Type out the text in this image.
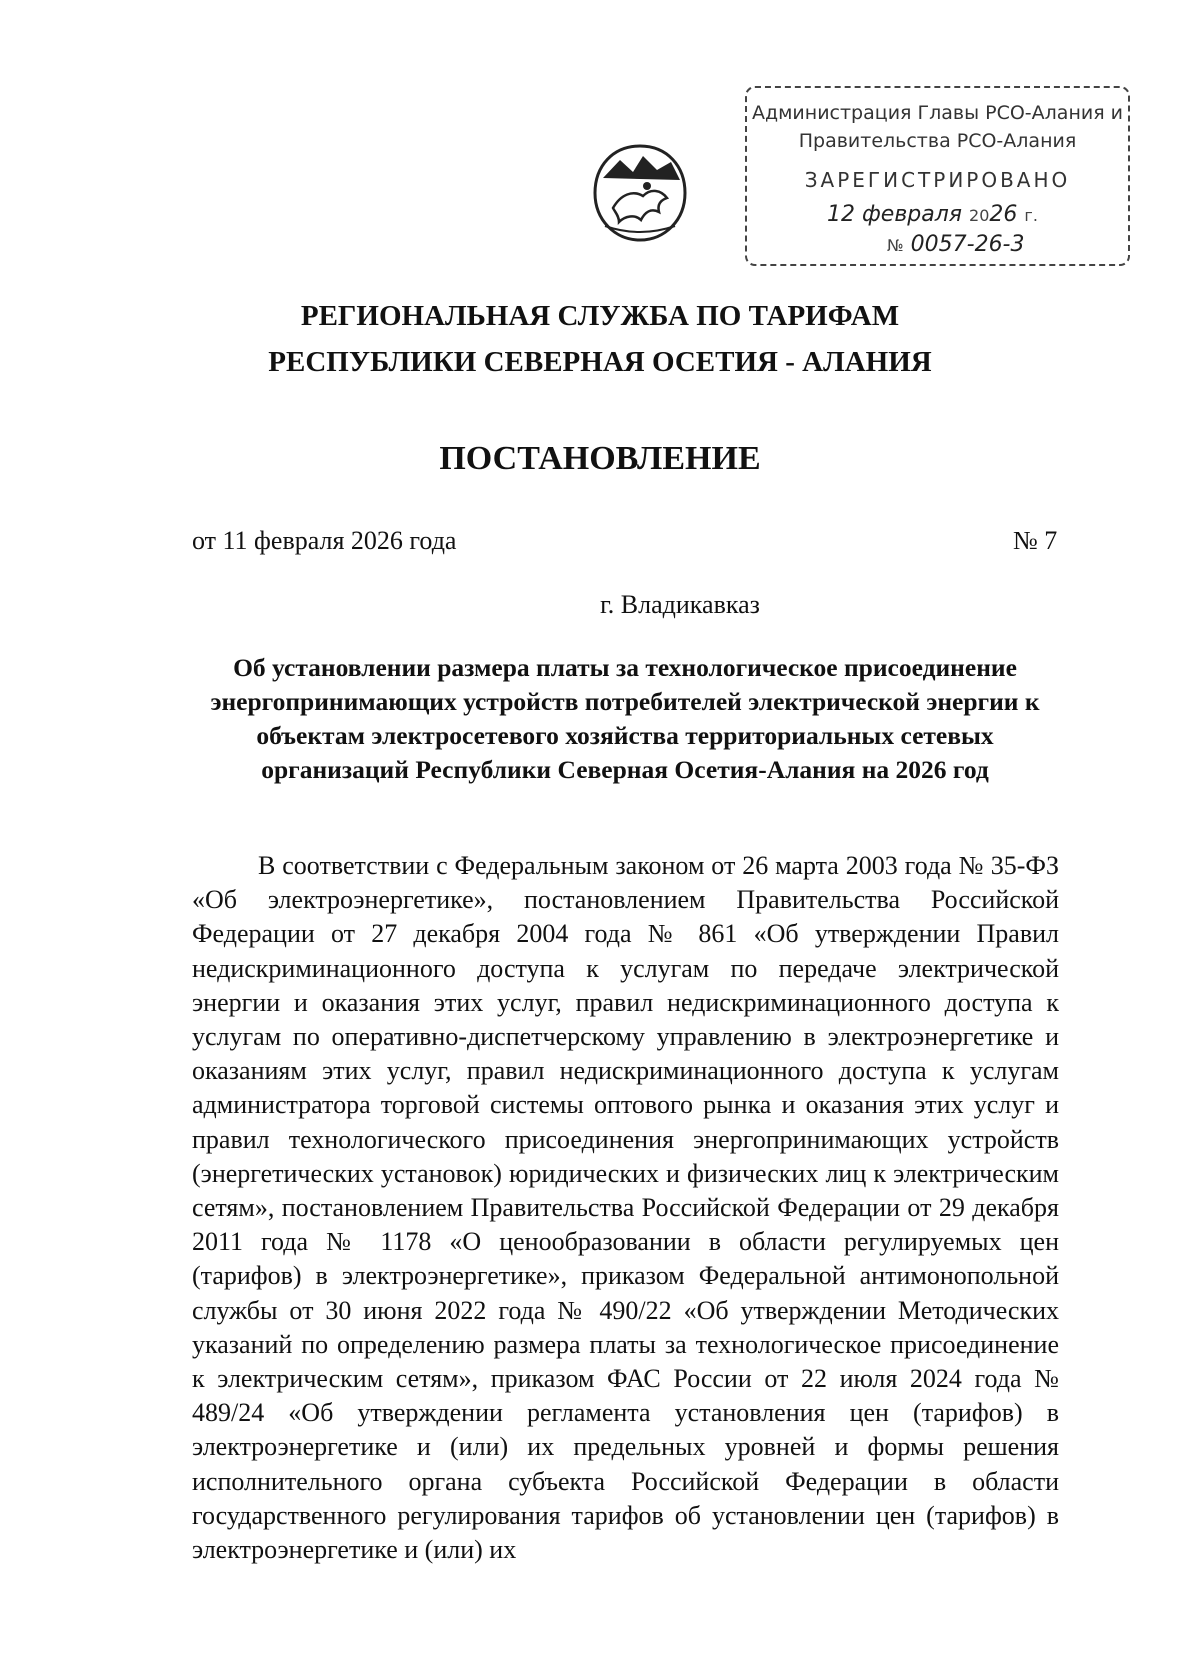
Администрация Главы РСО-Алания и
Правительства РСО-Алания
ЗАРЕГИСТРИРОВАНО
12 февраля 2026 г.
№ 0057-26-3
РЕГИОНАЛЬНАЯ СЛУЖБА ПО ТАРИФАМ
РЕСПУБЛИКИ СЕВЕРНАЯ ОСЕТИЯ - АЛАНИЯ
ПОСТАНОВЛЕНИЕ
от 11 февраля 2026 года	№ 7
г. Владикавказ
Об установлении размера платы за технологическое присоединение энергопринимающих устройств потребителей электрической энергии к объектам электросетевого хозяйства территориальных сетевых организаций Республики Северная Осетия-Алания на 2026 год
В соответствии с Федеральным законом от 26 марта 2003 года № 35-ФЗ «Об электроэнергетике», постановлением Правительства Российской Федерации от 27 декабря 2004 года № 861 «Об утверждении Правил недискриминационного доступа к услугам по передаче электрической энергии и оказания этих услуг, правил недискриминационного доступа к услугам по оперативно-диспетчерскому управлению в электроэнергетике и оказаниям этих услуг, правил недискриминационного доступа к услугам администратора торговой системы оптового рынка и оказания этих услуг и правил технологического присоединения энергопринимающих устройств (энергетических установок) юридических и физических лиц к электрическим сетям», постановлением Правительства Российской Федерации от 29 декабря 2011 года № 1178 «О ценообразовании в области регулируемых цен (тарифов) в электроэнергетике», приказом Федеральной антимонопольной службы от 30 июня 2022 года № 490/22 «Об утверждении Методических указаний по определению размера платы за технологическое присоединение к электрическим сетям», приказом ФАС России от 22 июля 2024 года № 489/24 «Об утверждении регламента установления цен (тарифов) в электроэнергетике и (или) их предельных уровней и формы решения исполнительного органа субъекта Российской Федерации в области государственного регулирования тарифов об установлении цен (тарифов) в электроэнергетике и (или) их
